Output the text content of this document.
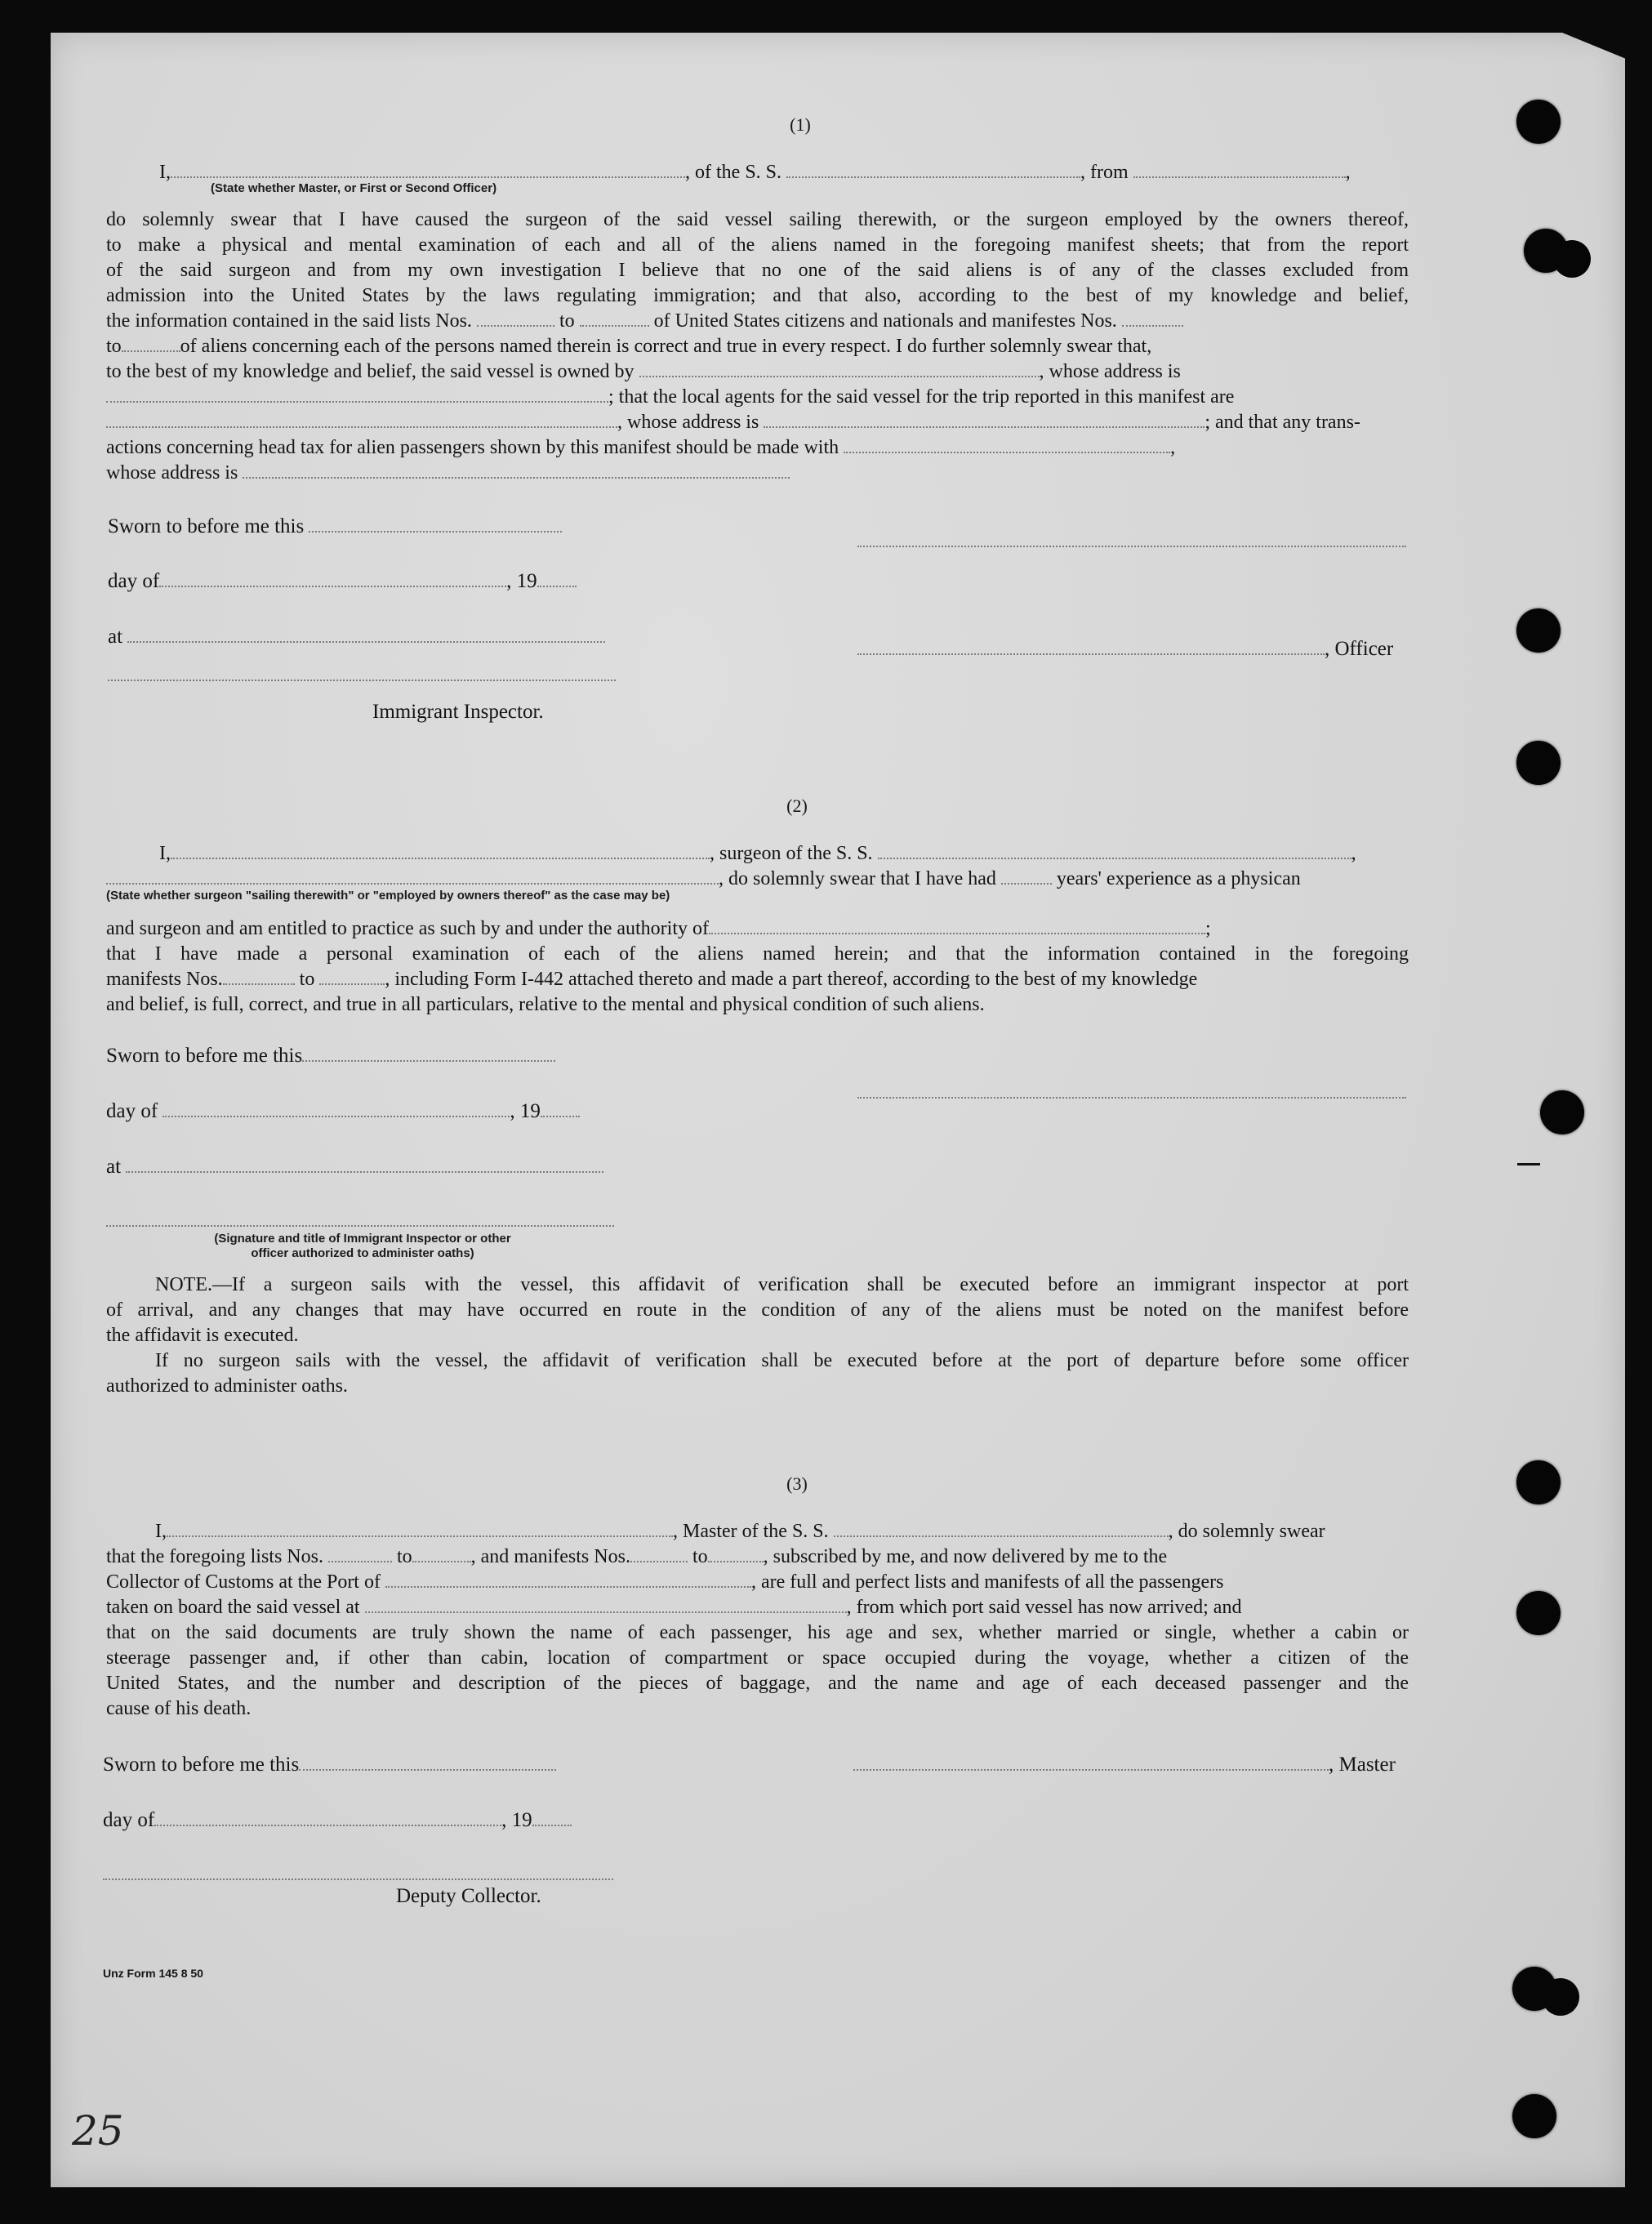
(1)
I,	, of the S. S.	, from	,
(State whether Master, or First or Second Officer)
do solemnly swear that I have caused the surgeon of the said vessel sailing therewith, or the surgeon employed by the owners thereof,
to make a physical and mental examination of each and all of the aliens named in the foregoing manifest sheets; that from the report
of the said surgeon and from my own investigation I believe that no one of the said aliens is of any of the classes excluded from
admission into the United States by the laws regulating immigration; and that also, according to the best of my knowledge and belief,
the information contained in the said lists Nos.	to	of United States citizens and nationals and manifestes Nos.
to	of aliens concerning each of the persons named therein is correct and true in every respect. I do further solemnly swear that,
to the best of my knowledge and belief, the said vessel is owned by	, whose address is
; that the local agents for the said vessel for the trip reported in this manifest are
, whose address is	; and that any trans-
actions concerning head tax for alien passengers shown by this manifest should be made with	,
whose address is
Sworn to before me this
day of	, 19
at
, Officer
Immigrant Inspector.
(2)
I,	, surgeon of the S. S.	,
, do solemnly swear that I have had	years' experience as a physican
(State whether surgeon "sailing therewith" or "employed by owners thereof" as the case may be)
and surgeon and am entitled to practice as such by and under the authority of	;
that I have made a personal examination of each of the aliens named herein; and that the information contained in the foregoing
manifests Nos.	to	, including Form I-442 attached thereto and made a part thereof, according to the best of my knowledge
and belief, is full, correct, and true in all particulars, relative to the mental and physical condition of such aliens.
Sworn to before me this
day of	, 19
at
(Signature and title of Immigrant Inspector or other
officer authorized to administer oaths)
NOTE.—If a surgeon sails with the vessel, this affidavit of verification shall be executed before an immigrant inspector at port
of arrival, and any changes that may have occurred en route in the condition of any of the aliens must be noted on the manifest before
the affidavit is executed.
If no surgeon sails with the vessel, the affidavit of verification shall be executed before at the port of departure before some officer
authorized to administer oaths.
(3)
I,	, Master of the S. S.	, do solemnly swear
that the foregoing lists Nos.	to	, and manifests Nos.	to	, subscribed by me, and now delivered by me to the
Collector of Customs at the Port of	, are full and perfect lists and manifests of all the passengers
taken on board the said vessel at	, from which port said vessel has now arrived; and
that on the said documents are truly shown the name of each passenger, his age and sex, whether married or single, whether a cabin or
steerage passenger and, if other than cabin, location of compartment or space occupied during the voyage, whether a citizen of the
United States, and the number and description of the pieces of baggage, and the name and age of each deceased passenger and the
cause of his death.
Sworn to before me this	, Master
day of	, 19
Deputy Collector.
Unz Form 145 8 50
25
